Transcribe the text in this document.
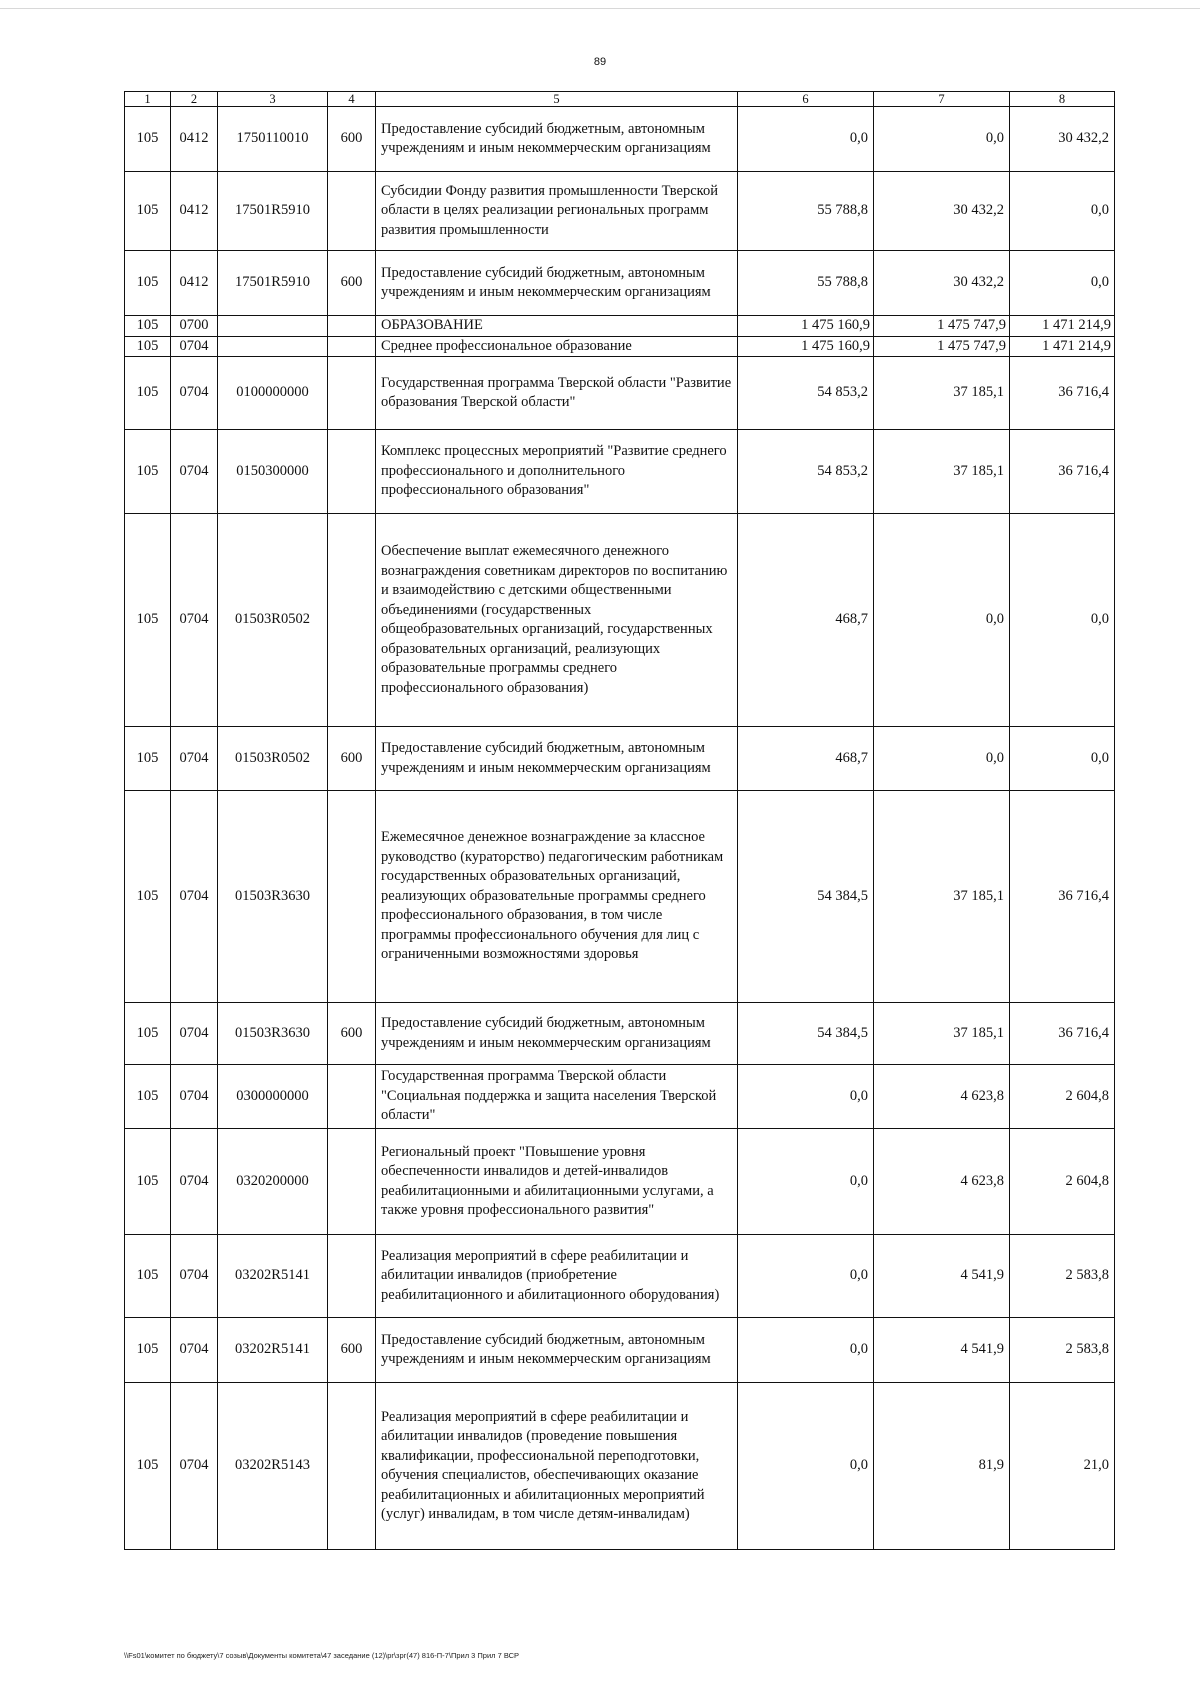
89
1	2	3	4	5	6	7	8
105	0412	1750110010	600	Предоставление субсидий бюджетным, автономным учреждениям и иным некоммерческим организациям	0,0	0,0	30 432,2
105	0412	17501R5910		Субсидии Фонду развития промышленности Тверской области в целях реализации региональных программ развития промышленности	55 788,8	30 432,2	0,0
105	0412	17501R5910	600	Предоставление субсидий бюджетным, автономным учреждениям и иным некоммерческим организациям	55 788,8	30 432,2	0,0
105	0700			ОБРАЗОВАНИЕ	1 475 160,9	1 475 747,9	1 471 214,9
105	0704			Среднее профессиональное образование	1 475 160,9	1 475 747,9	1 471 214,9
105	0704	0100000000		Государственная программа Тверской области "Развитие образования Тверской области"	54 853,2	37 185,1	36 716,4
105	0704	0150300000		Комплекс процессных мероприятий "Развитие среднего профессионального и дополнительного профессионального образования"	54 853,2	37 185,1	36 716,4
105	0704	01503R0502		Обеспечение выплат ежемесячного денежного вознаграждения советникам директоров по воспитанию и взаимодействию с детскими общественными объединениями (государственных общеобразовательных организаций, государственных образовательных организаций, реализующих образовательные программы среднего профессионального образования)	468,7	0,0	0,0
105	0704	01503R0502	600	Предоставление субсидий бюджетным, автономным учреждениям и иным некоммерческим организациям	468,7	0,0	0,0
105	0704	01503R3630		Ежемесячное денежное вознаграждение за классное руководство (кураторство) педагогическим работникам государственных образовательных организаций, реализующих образовательные программы среднего профессионального образования, в том числе программы профессионального обучения для лиц с ограниченными возможностями здоровья	54 384,5	37 185,1	36 716,4
105	0704	01503R3630	600	Предоставление субсидий бюджетным, автономным учреждениям и иным некоммерческим организациям	54 384,5	37 185,1	36 716,4
105	0704	0300000000		Государственная программа Тверской области "Социальная поддержка и защита населения Тверской области"	0,0	4 623,8	2 604,8
105	0704	0320200000		Региональный проект "Повышение уровня обеспеченности инвалидов и детей-инвалидов реабилитационными и абилитационными услугами, а также уровня профессионального развития"	0,0	4 623,8	2 604,8
105	0704	03202R5141		Реализация мероприятий в сфере реабилитации и абилитации инвалидов (приобретение реабилитационного и абилитационного оборудования)	0,0	4 541,9	2 583,8
105	0704	03202R5141	600	Предоставление субсидий бюджетным, автономным учреждениям и иным некоммерческим организациям	0,0	4 541,9	2 583,8
105	0704	03202R5143		Реализация мероприятий в сфере реабилитации и абилитации инвалидов (проведение повышения квалификации, профессиональной переподготовки, обучения специалистов, обеспечивающих оказание реабилитационных и абилитационных мероприятий (услуг) инвалидам, в том числе детям-инвалидам)	0,0	81,9	21,0
\\Fs01\комитет по бюджету\7 созыв\Документы комитета\47 заседание (12)\pr\зрг(47) 816-П-7\Прил 3 Прил 7 ВСР
